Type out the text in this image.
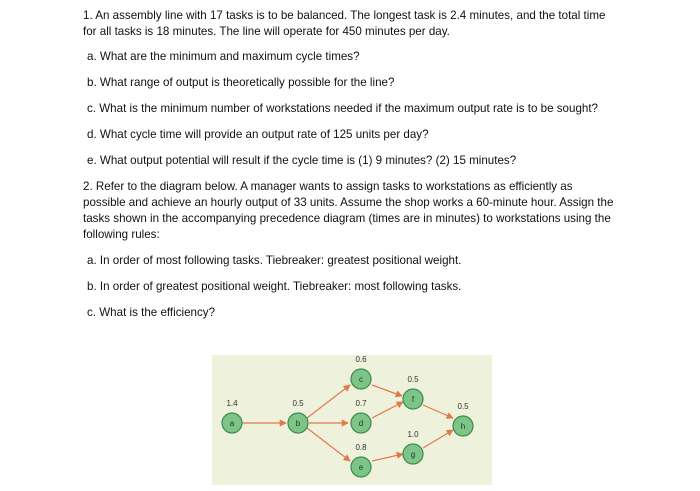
1. An assembly line with 17 tasks is to be balanced. The longest task is 2.4 minutes, and the total time
for all tasks is 18 minutes. The line will operate for 450 minutes per day.
a. What are the minimum and maximum cycle times?
b. What range of output is theoretically possible for the line?
c. What is the minimum number of workstations needed if the maximum output rate is to be sought?
d. What cycle time will provide an output rate of 125 units per day?
e. What output potential will result if the cycle time is (1) 9 minutes? (2) 15 minutes?
2. Refer to the diagram below. A manager wants to assign tasks to workstations as efficiently as
possible and achieve an hourly output of 33 units. Assume the shop works a 60-minute hour. Assign the
tasks shown in the accompanying precedence diagram (times are in minutes) to workstations using the
following rules:
a. In order of most following tasks. Tiebreaker: greatest positional weight.
b. In order of greatest positional weight. Tiebreaker: most following tasks.
c. What is the efficiency?
1.4
a
0.5
b
0.6
c
0.7
d
0.8
e
0.5
f
1.0
g
0.5
h
